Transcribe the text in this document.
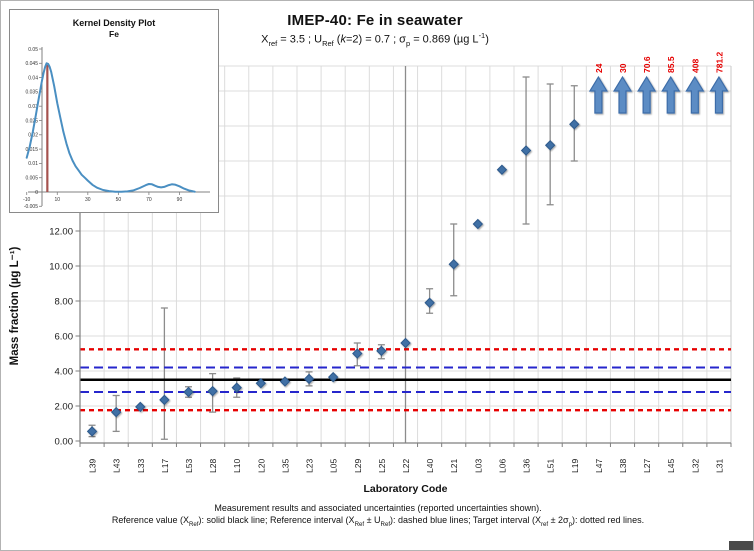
24 30 70.6 85.5 408 781.2
0.00
2.00
4.00
6.00
8.00
10.00
12.00
L39 L43 L33 L17 L53 L28 L10 L20 L35 L23 L05 L29 L25 L22 L40 L21 L03 L06 L36 L51 L19 L47 L38 L27 L45 L32 L31
Laboratory Code
Mass fraction (µg L⁻¹)
IMEP-40: Fe in seawater
$X_{ref} = 3.5$ ; $U_{Ref}$ (k=2) = 0.7 ; $\sigma_p = 0.869$ (µg $L^{-1}$)
0.05
0.045
0.04
0.035
0.03
0.025
0.02
0.015
0.01
0.005
0
-0.005
-10	10	30	50	70	90
Kernel Density Plot
Fe
Measurement results and associated uncertainties (reported uncertainties shown).
Reference value $(X_{Ref})$: solid black line; Reference interval $(X_{Ref} \pm U_{Ref})$: dashed blue lines; Target interval $(X_{ref} \pm 2\sigma_p)$: dotted red lines.
